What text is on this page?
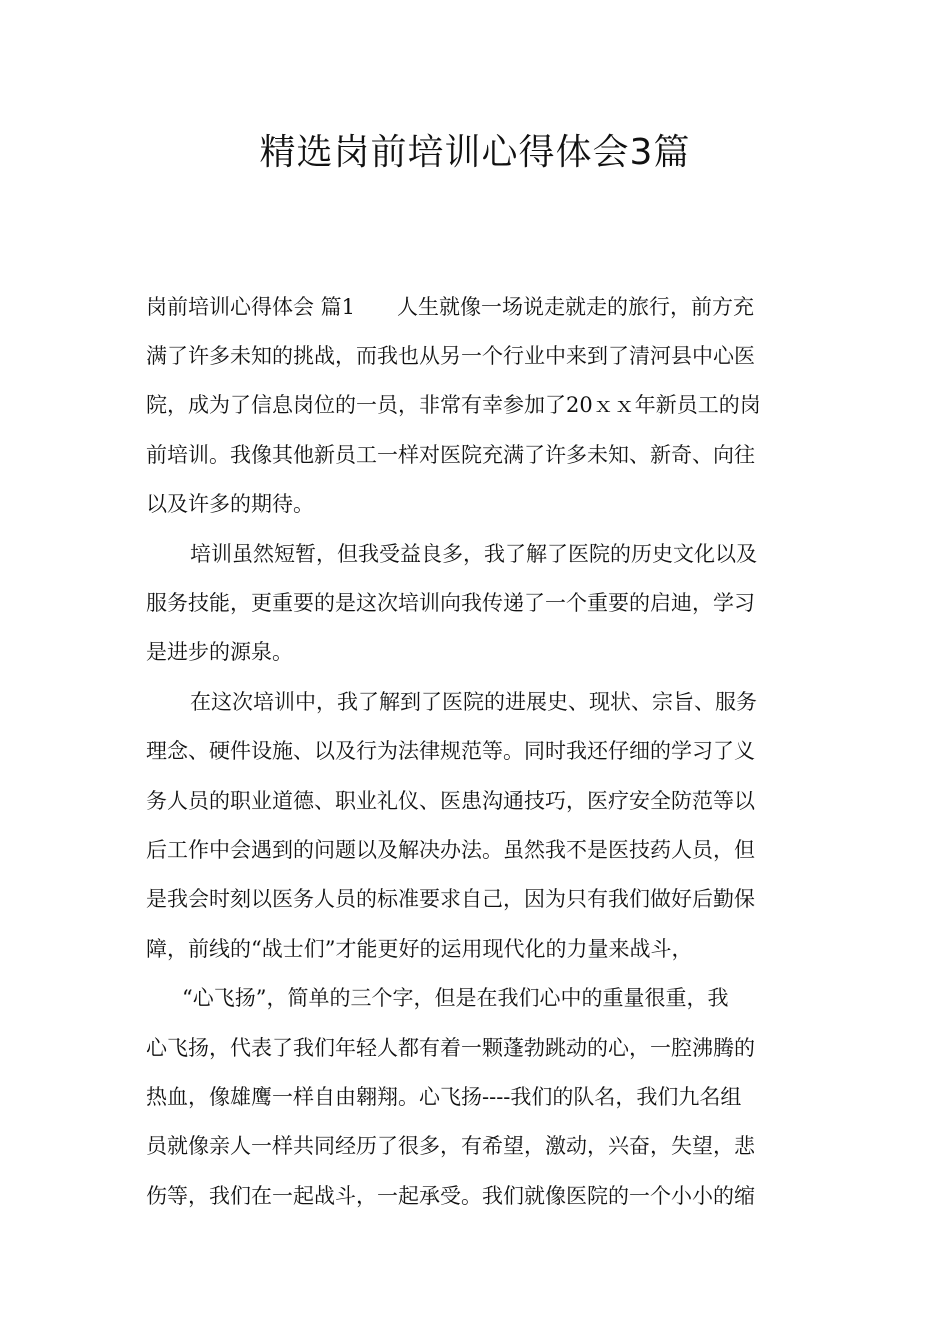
精选岗前培训心得体会3篇
岗前培训心得体会 篇1　　人生就像一场说走就走的旅行，前方充
满了许多未知的挑战，而我也从另一个行业中来到了清河县中心医
院，成为了信息岗位的一员，非常有幸参加了20ｘｘ年新员工的岗
前培训。我像其他新员工一样对医院充满了许多未知、新奇、向往
以及许多的期待。
培训虽然短暂，但我受益良多，我了解了医院的历史文化以及
服务技能，更重要的是这次培训向我传递了一个重要的启迪，学习
是进步的源泉。
在这次培训中，我了解到了医院的进展史、现状、宗旨、服务
理念、硬件设施、以及行为法律规范等。同时我还仔细的学习了义
务人员的职业道德、职业礼仪、医患沟通技巧，医疗安全防范等以
后工作中会遇到的问题以及解决办法。虽然我不是医技药人员，但
是我会时刻以医务人员的标准要求自己，因为只有我们做好后勤保
障，前线的“战士们”才能更好的运用现代化的力量来战斗，
“心飞扬”，简单的三个字，但是在我们心中的重量很重，我
心飞扬，代表了我们年轻人都有着一颗蓬勃跳动的心，一腔沸腾的
热血，像雄鹰一样自由翱翔。心飞扬----我们的队名，我们九名组
员就像亲人一样共同经历了很多，有希望，激动，兴奋，失望，悲
伤等，我们在一起战斗，一起承受。我们就像医院的一个小小的缩
